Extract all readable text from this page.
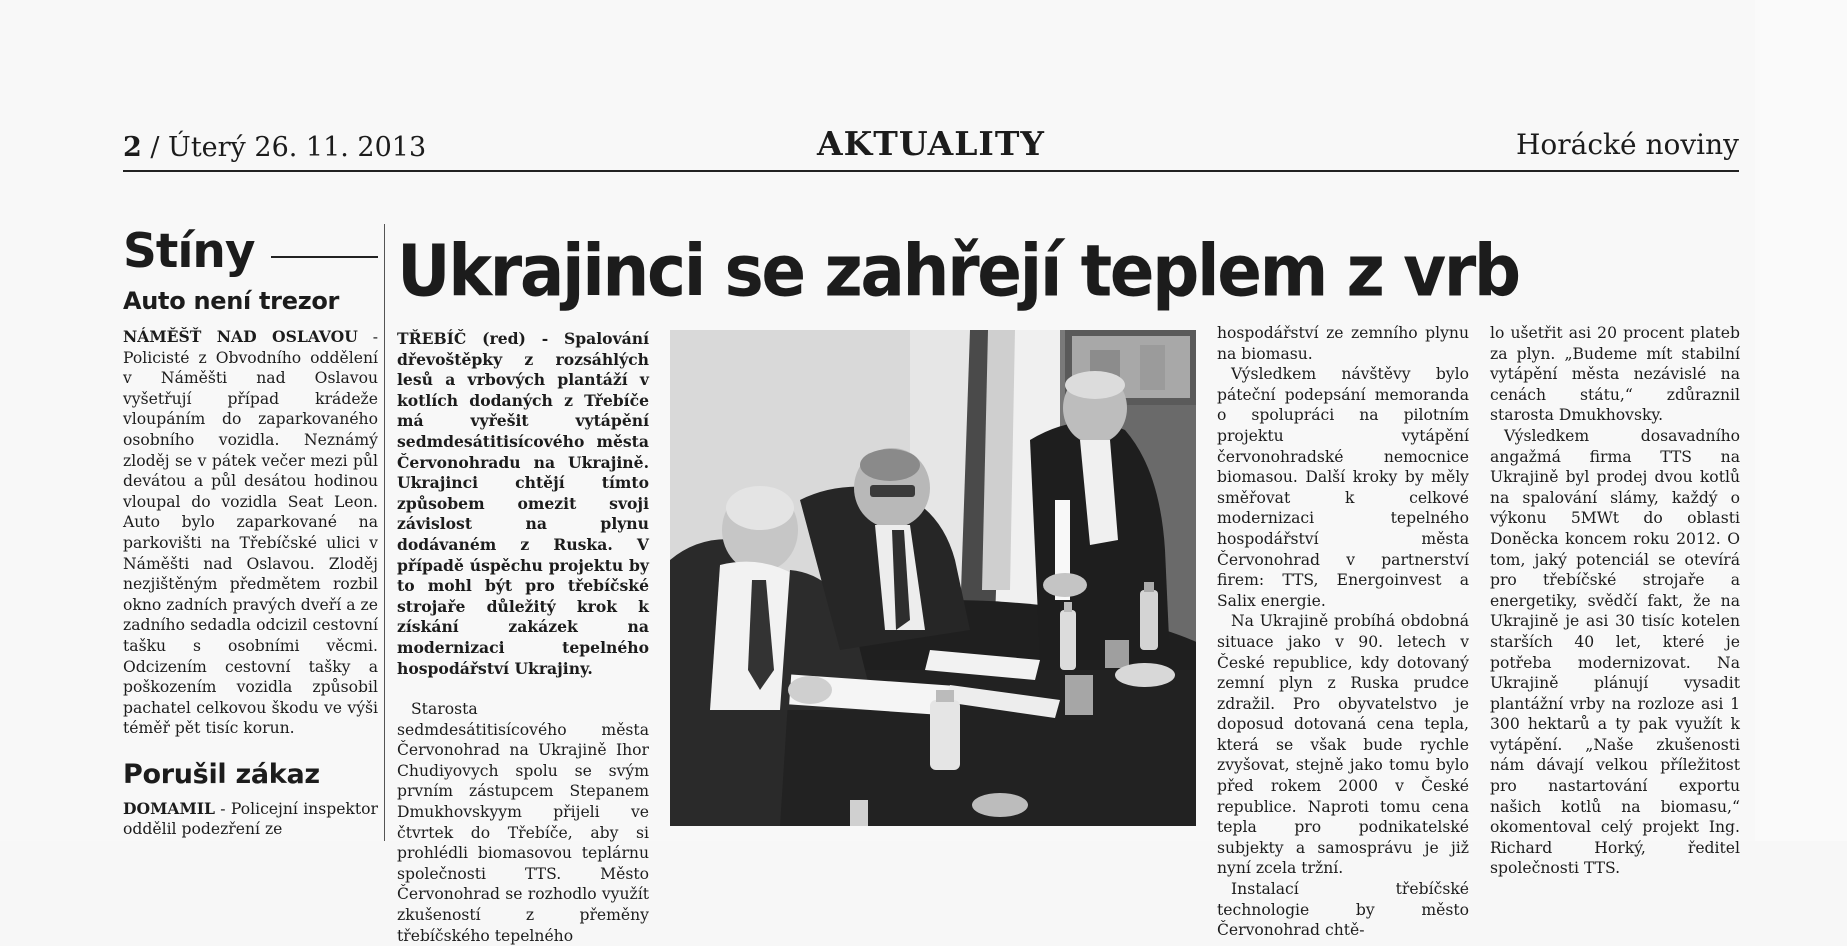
2 / Úterý 26. 11. 2013	AKTUALITY	Horácké noviny
Stíny
Auto není trezor
NÁMĚŠŤ NAD OSLAVOU - Policisté z Obvodního oddělení v Náměšti nad Oslavou vyšetřují případ krádeže vloupáním do zaparkovaného osobního vozidla. Neznámý zloděj se v pátek večer mezi půl devátou a půl desátou hodinou vloupal do vozidla Seat Leon. Auto bylo zaparkované na parkovišti na Třebíčské ulici v Náměšti nad Oslavou. Zloděj nezjištěným předmětem rozbil okno zadních pravých dveří a ze zadního sedadla odcizil cestovní tašku s osobními věcmi. Odcizením cestovní tašky a poškozením vozidla způsobil pachatel celkovou škodu ve výši téměř pět tisíc korun.
Porušil zákaz
DOMAMIL - Policejní inspektor oddělil podezření ze
Ukrajinci se zahřejí teplem z vrb
TŘEBÍČ (red) - Spalování dřevoštěpky z rozsáhlých lesů a vrbových plantáží v kotlích dodaných z Třebíče má vyřešit vytápění sedmdesátitisícového města Červonohradu na Ukrajině. Ukrajinci chtějí tímto způsobem omezit svoji závislost na plynu dodávaném z Ruska. V případě úspěchu projektu by to mohl být pro třebíčské strojaře důležitý krok k získání zakázek na modernizaci tepelného hospodářství Ukrajiny.
Starosta sedmdesátitisícového města Červonohrad na Ukrajině Ihor Chudiyovych spolu se svým prvním zástupcem Stepanem Dmukhovskyym přijeli ve čtvrtek do Třebíče, aby si prohlédli biomasovou teplárnu společnosti TTS. Město Červonohrad se rozhodlo využít zkušeností z přeměny třebíčského tepelného

hospodářství ze zemního plynu na biomasu.

Výsledkem návštěvy bylo páteční podepsání memoranda o spolupráci na pilotním projektu vytápění červonohradské nemocnice biomasou. Další kroky by měly směřovat k celkové modernizaci tepelného hospodářství města Červonohrad v partnerství firem: TTS, Energoinvest a Salix energie.

Na Ukrajině probíhá obdobná situace jako v 90. letech v České republice, kdy dotovaný zemní plyn z Ruska prudce zdražil. Pro obyvatelstvo je doposud dotovaná cena tepla, která se však bude rychle zvyšovat, stejně jako tomu bylo před rokem 2000 v České republice. Naproti tomu cena tepla pro podnikatelské subjekty a samosprávu je již nyní zcela tržní.

Instalací třebíčské technologie by město Červonohrad chtě-

lo ušetřit asi 20 procent plateb za plyn. „Budeme mít stabilní vytápění města nezávislé na cenách státu,“ zdůraznil starosta Dmukhovsky.

Výsledkem dosavadního angažmá firma TTS na Ukrajině byl prodej dvou kotlů na spalování slámy, každý o výkonu 5MWt do oblasti Doněcka koncem roku 2012. O tom, jaký potenciál se otevírá pro třebíčské strojaře a energetiky, svědčí fakt, že na Ukrajině je asi 30 tisíc kotelen starších 40 let, které je potřeba modernizovat. Na Ukrajině plánují vysadit plantážní vrby na rozloze asi 1 300 hektarů a ty pak využít k vytápění. „Naše zkušenosti nám dávají velkou příležitost pro nastartování exportu našich kotlů na biomasu,“ okomentoval celý projekt Ing. Richard Horký, ředitel společnosti TTS.
